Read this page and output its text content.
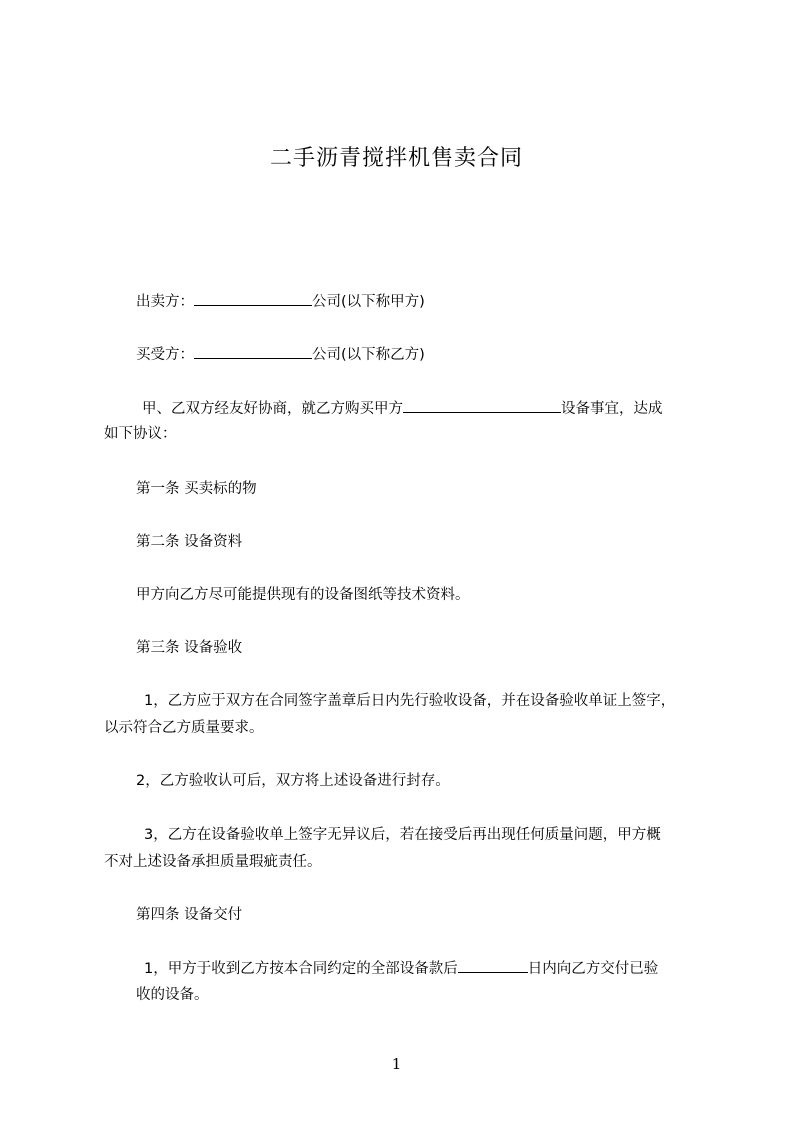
二手沥青搅拌机售卖合同
出卖方：	公司(以下称甲方)
买受方：	公司(以下称乙方)
甲、乙双方经友好协商，就乙方购买甲方	设备事宜，达成
如下协议：
第一条 买卖标的物
第二条 设备资料
甲方向乙方尽可能提供现有的设备图纸等技术资料。
第三条 设备验收
1，乙方应于双方在合同签字盖章后日内先行验收设备，并在设备验收单证上签字，
以示符合乙方质量要求。
2，乙方验收认可后，双方将上述设备进行封存。
3，乙方在设备验收单上签字无异议后，若在接受后再出现任何质量问题，甲方概
不对上述设备承担质量瑕疵责任。
第四条 设备交付
1，甲方于收到乙方按本合同约定的全部设备款后	日内向乙方交付已验
收的设备。
1
